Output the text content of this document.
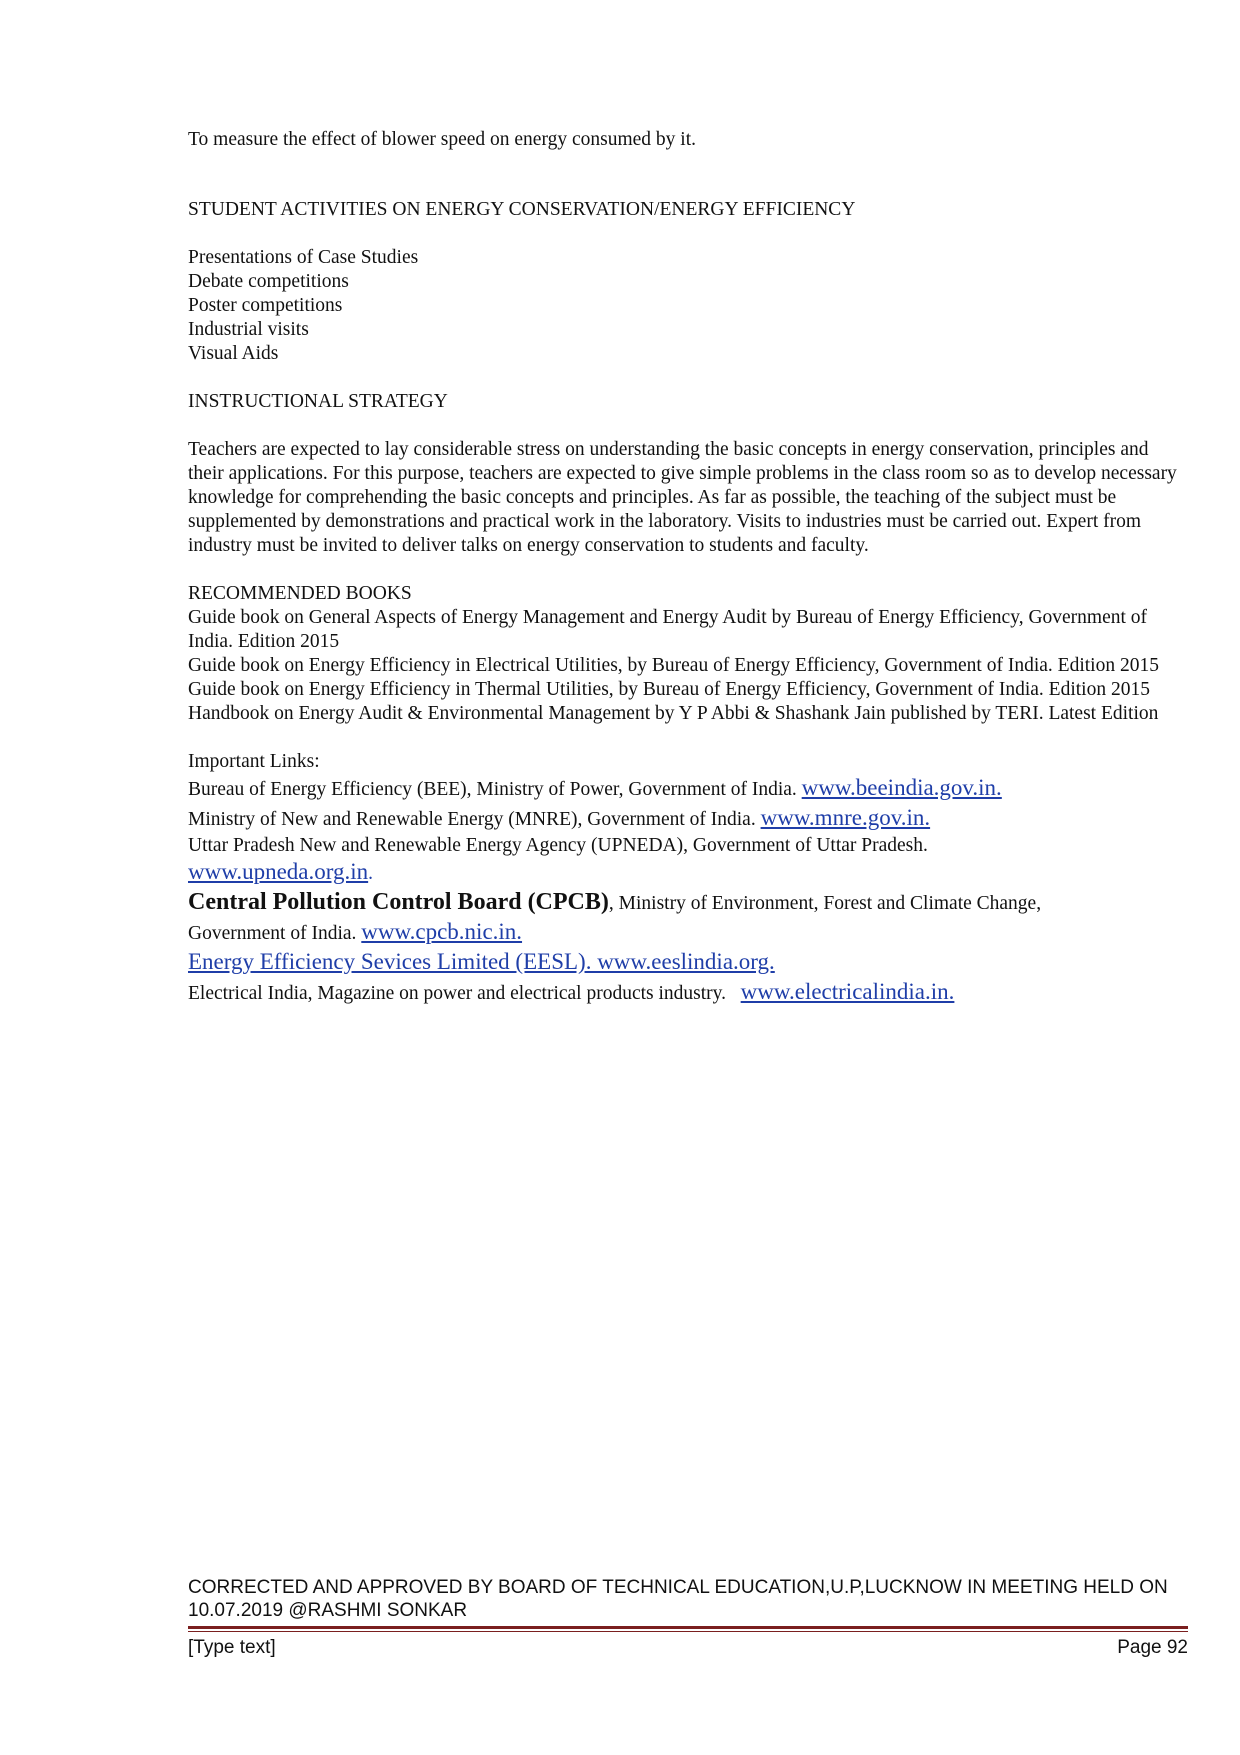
To measure the effect of blower speed on energy consumed by it.

STUDENT ACTIVITIES ON ENERGY CONSERVATION/ENERGY EFFICIENCY

Presentations of Case Studies

Debate competitions

Poster competitions

Industrial visits

Visual Aids

INSTRUCTIONAL STRATEGY

Teachers are expected to lay considerable stress on understanding the basic concepts in energy conservation, principles and their applications. For this purpose, teachers are expected to give simple problems in the class room so as to develop necessary knowledge for comprehending the basic concepts and principles. As far as possible, the teaching of the subject must be supplemented by demonstrations and practical work in the laboratory. Visits to industries must be carried out. Expert from industry must be invited to deliver talks on energy conservation to students and faculty.

RECOMMENDED BOOKS

Guide book on General Aspects of Energy Management and Energy Audit by Bureau of Energy Efficiency, Government of India. Edition 2015

Guide book on Energy Efficiency in Electrical Utilities, by Bureau of Energy Efficiency, Government of India. Edition 2015

Guide book on Energy Efficiency in Thermal Utilities, by Bureau of Energy Efficiency, Government of India. Edition 2015

Handbook on Energy Audit & Environmental Management by Y P Abbi & Shashank Jain published by TERI. Latest Edition

Important Links:

Bureau of Energy Efficiency (BEE), Ministry of Power, Government of India. www.beeindia.gov.in.

Ministry of New and Renewable Energy (MNRE), Government of India. www.mnre.gov.in.

Uttar Pradesh New and Renewable Energy Agency (UPNEDA), Government of Uttar Pradesh.

www.upneda.org.in.

Central Pollution Control Board (CPCB), Ministry of Environment, Forest and Climate Change,

Government of India. www.cpcb.nic.in.

Energy Efficiency Sevices Limited (EESL). www.eeslindia.org.

Electrical India, Magazine on power and electrical products industry.   www.electricalindia.in.

CORRECTED AND APPROVED BY BOARD OF TECHNICAL EDUCATION,U.P,LUCKNOW IN MEETING HELD ON 10.07.2019 @RASHMI SONKAR

[Type text]	Page 92
